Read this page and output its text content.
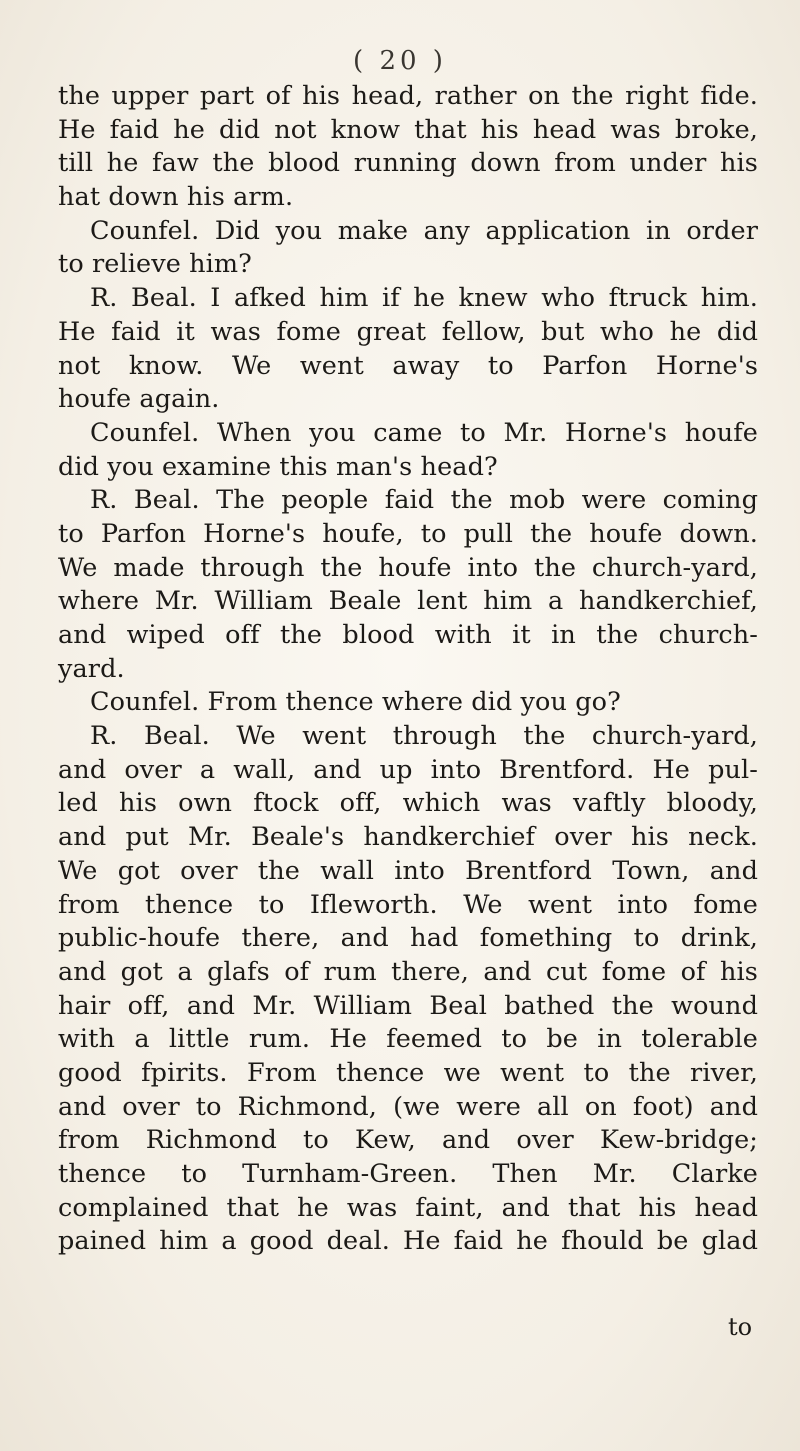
( 20 )
the upper part of his head, rather on the right fide.
He faid he did not know that his head was broke,
till he faw the blood running down from under his
hat down his arm.
Counfel. Did you make any application in order
to relieve him?
R. Beal. I afked him if he knew who ftruck him.
He faid it was fome great fellow, but who he did
not know. We went away to Parfon Horne's
houfe again.
Counfel. When you came to Mr. Horne's houfe
did you examine this man's head?
R. Beal. The people faid the mob were coming
to Parfon Horne's houfe, to pull the houfe down.
We made through the houfe into the church-yard,
where Mr. William Beale lent him a handkerchief,
and wiped off the blood with it in the church-
yard.
Counfel. From thence where did you go?
R. Beal. We went through the church-yard,
and over a wall, and up into Brentford. He pul-
led his own ftock off, which was vaftly bloody,
and put Mr. Beale's handkerchief over his neck.
We got over the wall into Brentford Town, and
from thence to Ifleworth. We went into fome
public-houfe there, and had fomething to drink,
and got a glafs of rum there, and cut fome of his
hair off, and Mr. William Beal bathed the wound
with a little rum. He feemed to be in tolerable
good fpirits. From thence we went to the river,
and over to Richmond, (we were all on foot) and
from Richmond to Kew, and over Kew-bridge;
thence to Turnham-Green. Then Mr. Clarke
complained that he was faint, and that his head
pained him a good deal. He faid he fhould be glad
to
